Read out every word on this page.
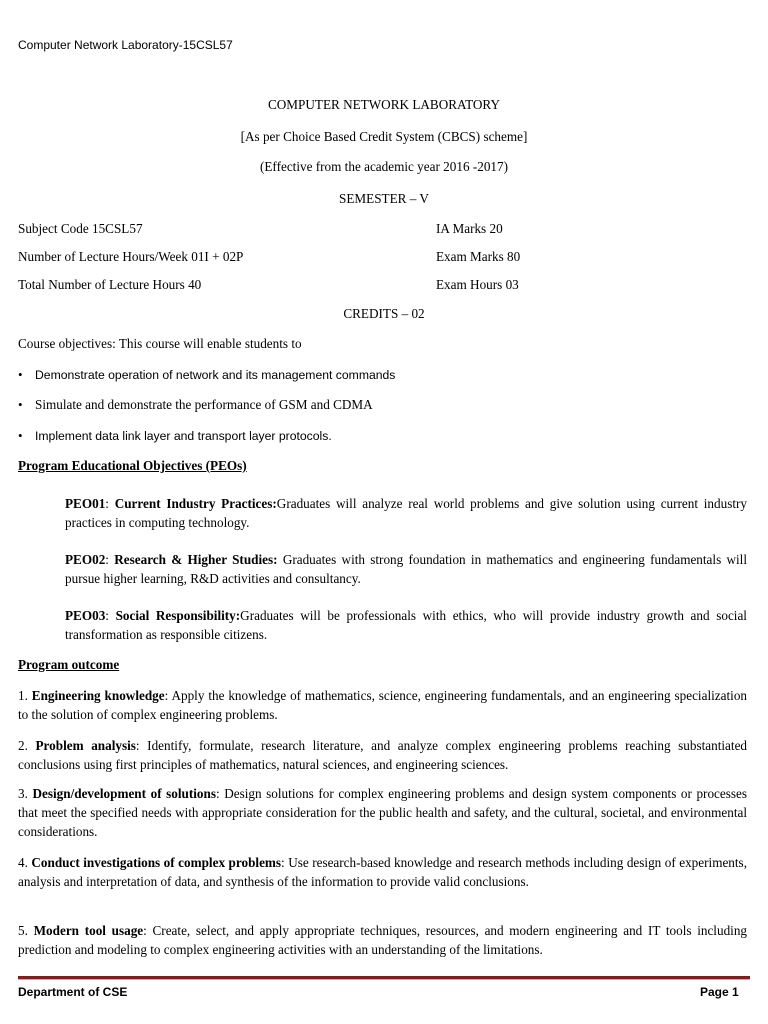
Computer Network Laboratory-15CSL57
COMPUTER NETWORK LABORATORY
[As per Choice Based Credit System (CBCS) scheme]
(Effective from the academic year 2016 -2017)
SEMESTER – V
Subject Code 15CSL57	IA Marks 20
Number of Lecture Hours/Week 01I + 02P	Exam Marks 80
Total Number of Lecture Hours 40	Exam Hours 03
CREDITS – 02
Course objectives: This course will enable students to
• Demonstrate operation of network and its management commands
• Simulate and demonstrate the performance of GSM and CDMA
• Implement data link layer and transport layer protocols.
Program Educational Objectives (PEOs)
PEO01: Current Industry Practices:Graduates will analyze real world problems and give solution using current industry practices in computing technology.
PEO02: Research & Higher Studies: Graduates with strong foundation in mathematics and engineering fundamentals will pursue higher learning, R&D activities and consultancy.
PEO03: Social Responsibility:Graduates will be professionals with ethics, who will provide industry growth and social transformation as responsible citizens.
Program outcome
1. Engineering knowledge: Apply the knowledge of mathematics, science, engineering fundamentals, and an engineering specialization to the solution of complex engineering problems.
2. Problem analysis: Identify, formulate, research literature, and analyze complex engineering problems reaching substantiated conclusions using first principles of mathematics, natural sciences, and engineering sciences.
3. Design/development of solutions: Design solutions for complex engineering problems and design system components or processes that meet the specified needs with appropriate consideration for the public health and safety, and the cultural, societal, and environmental considerations.
4. Conduct investigations of complex problems: Use research-based knowledge and research methods including design of experiments, analysis and interpretation of data, and synthesis of the information to provide valid conclusions.
5. Modern tool usage: Create, select, and apply appropriate techniques, resources, and modern engineering and IT tools including prediction and modeling to complex engineering activities with an understanding of the limitations.
Department of CSE	Page 1
